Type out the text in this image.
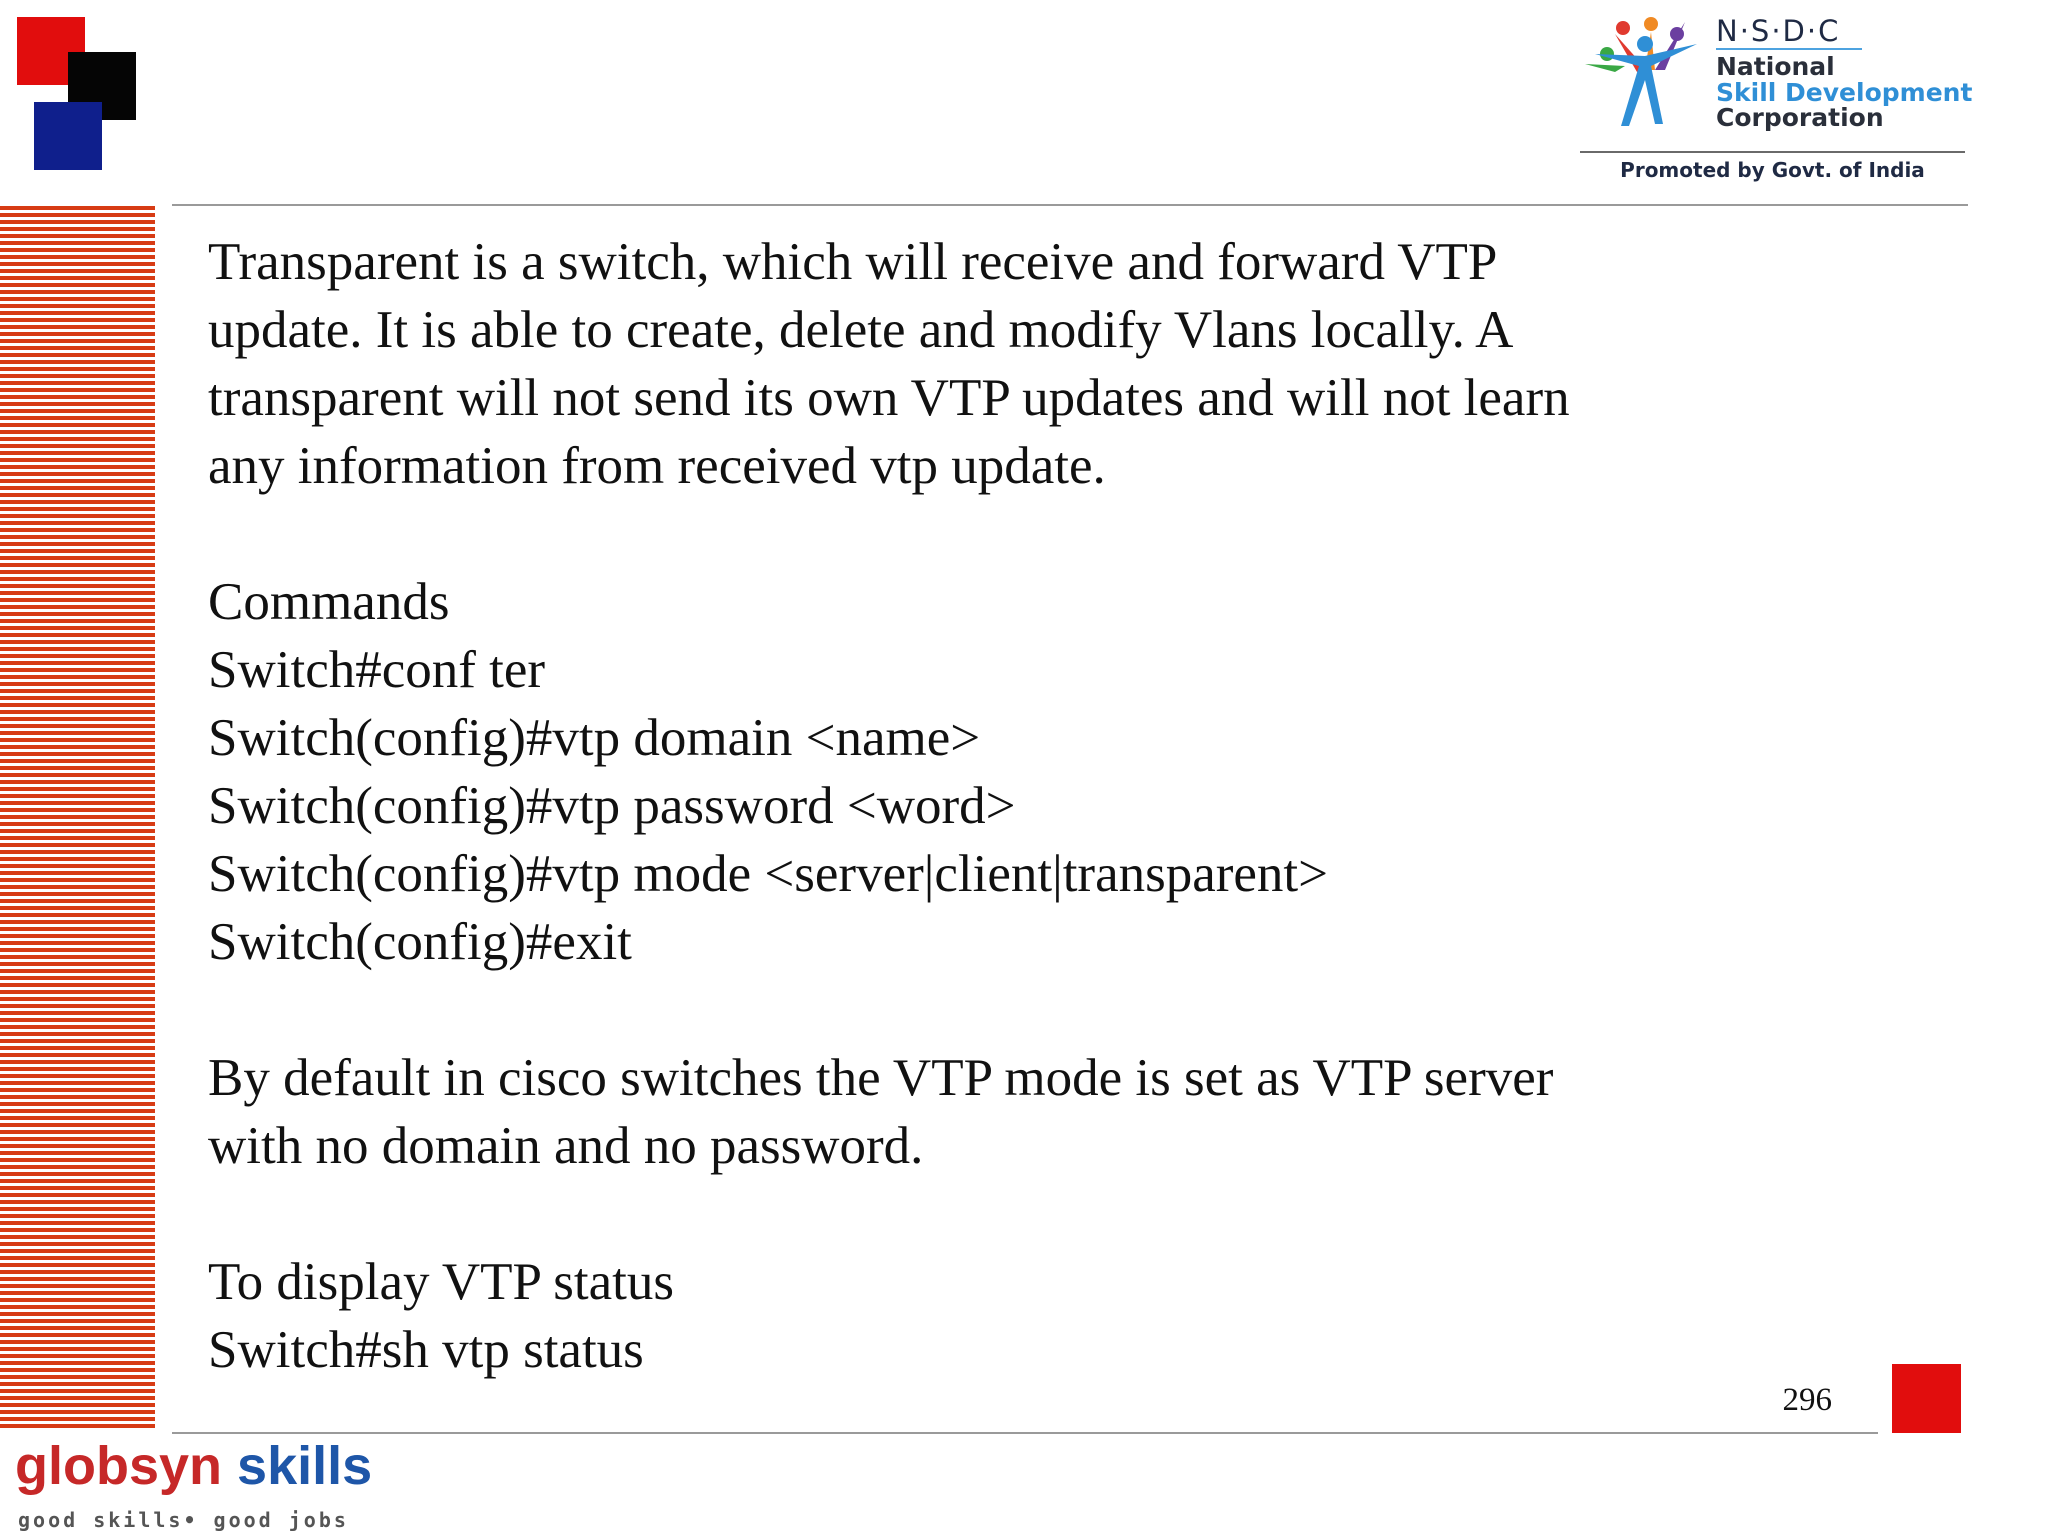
N·S·D·C
National
Skill Development
Corporation
Promoted by Govt. of India

Transparent is a switch, which will receive and forward VTP
update. It is able to create, delete and modify Vlans locally. A
transparent will not send its own VTP updates and will not learn
any information from received vtp update.

Commands
Switch#conf ter
Switch(config)#vtp domain <name>
Switch(config)#vtp password <word>
Switch(config)#vtp mode <server|client|transparent>
Switch(config)#exit

By default in cisco switches the VTP mode is set as VTP server
with no domain and no password.

To display VTP status
Switch#sh vtp status
296
globsyn skills
good skills• good jobs
